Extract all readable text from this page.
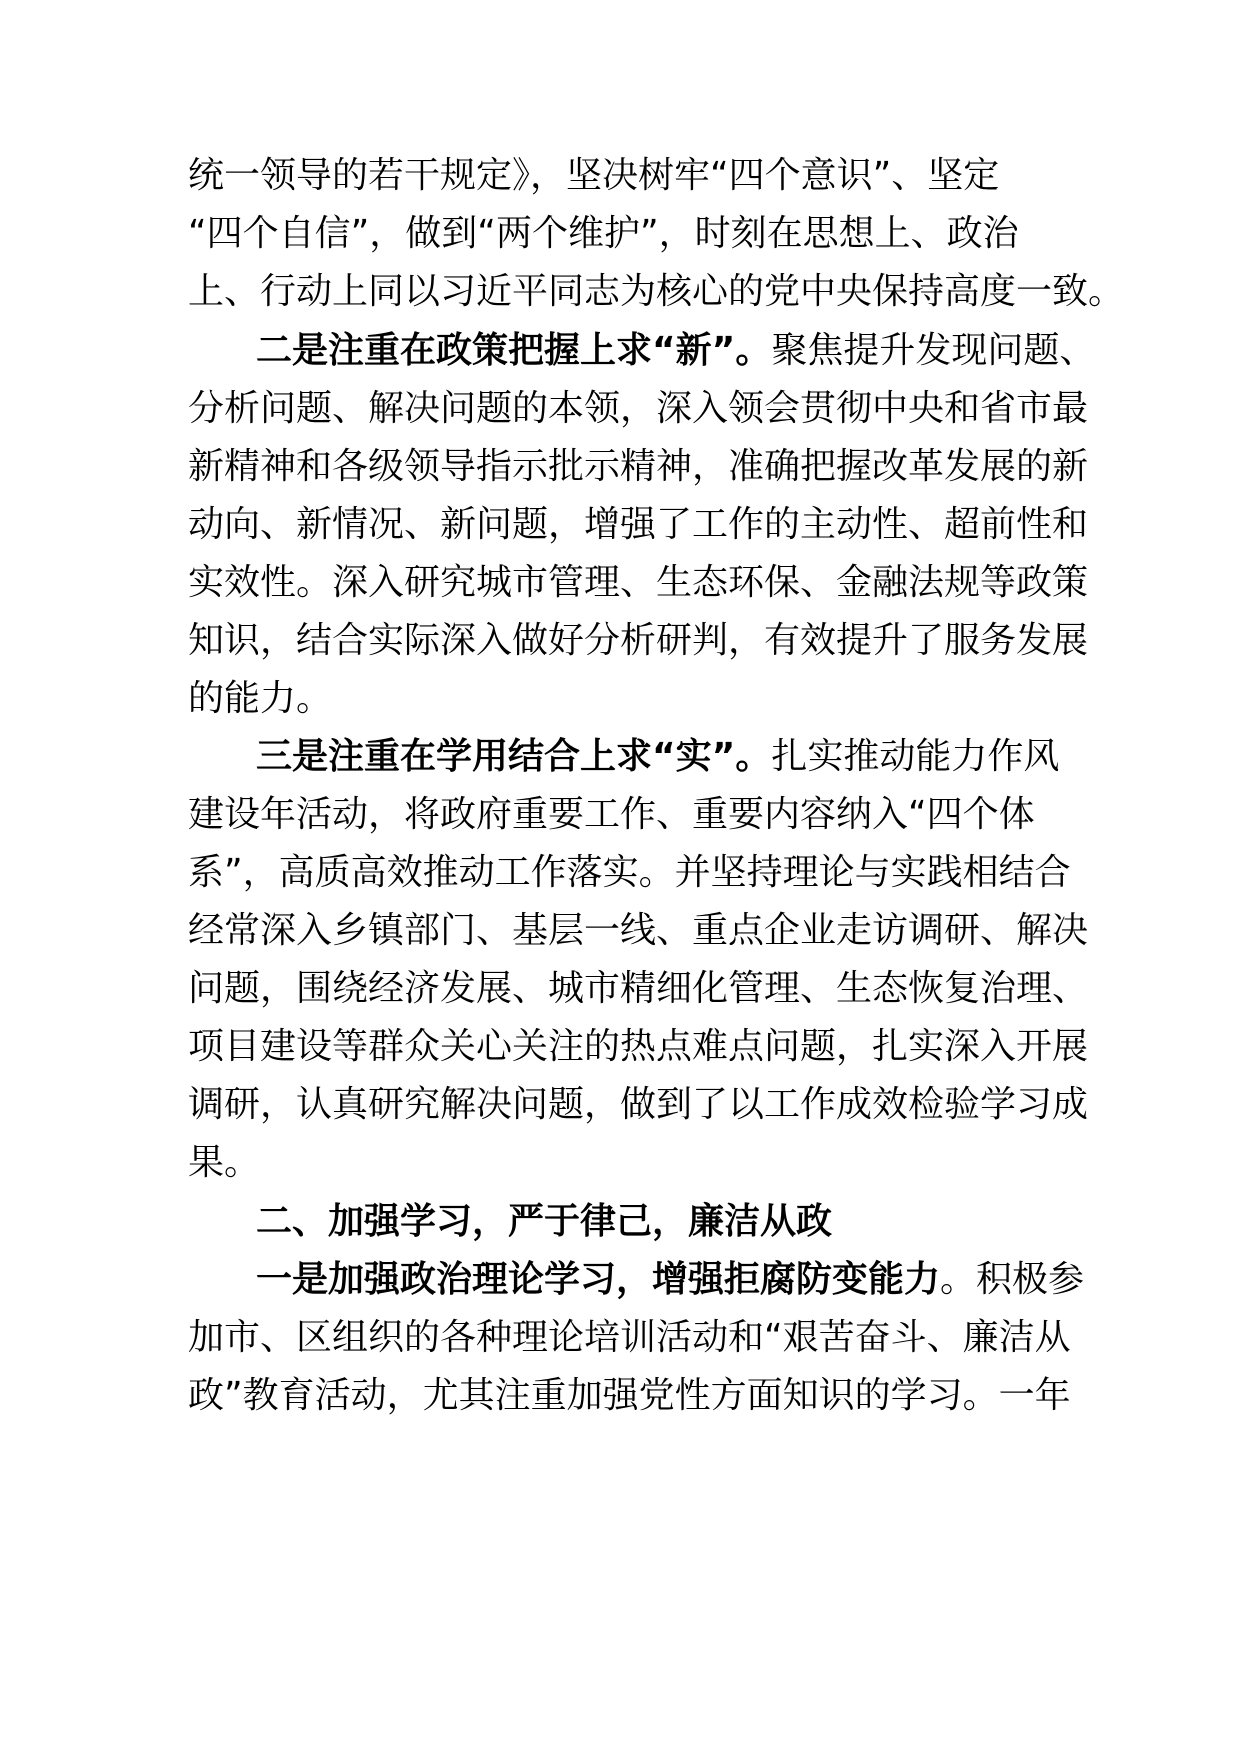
统一领导的若干规定》，坚决树牢“四个意识”、坚定
“四个自信”，做到“两个维护”，时刻在思想上、政治
上、行动上同以习近平同志为核心的党中央保持高度一致。
二是注重在政策把握上求“新”。聚焦提升发现问题、
分析问题、解决问题的本领，深入领会贯彻中央和省市最
新精神和各级领导指示批示精神，准确把握改革发展的新
动向、新情况、新问题，增强了工作的主动性、超前性和
实效性。深入研究城市管理、生态环保、金融法规等政策
知识，结合实际深入做好分析研判，有效提升了服务发展
的能力。
三是注重在学用结合上求“实”。扎实推动能力作风
建设年活动，将政府重要工作、重要内容纳入“四个体
系”，高质高效推动工作落实。并坚持理论与实践相结合
经常深入乡镇部门、基层一线、重点企业走访调研、解决
问题，围绕经济发展、城市精细化管理、生态恢复治理、
项目建设等群众关心关注的热点难点问题，扎实深入开展
调研，认真研究解决问题，做到了以工作成效检验学习成
果。
二、加强学习，严于律己，廉洁从政
一是加强政治理论学习，增强拒腐防变能力。积极参
加市、区组织的各种理论培训活动和“艰苦奋斗、廉洁从
政”教育活动，尤其注重加强党性方面知识的学习。一年
